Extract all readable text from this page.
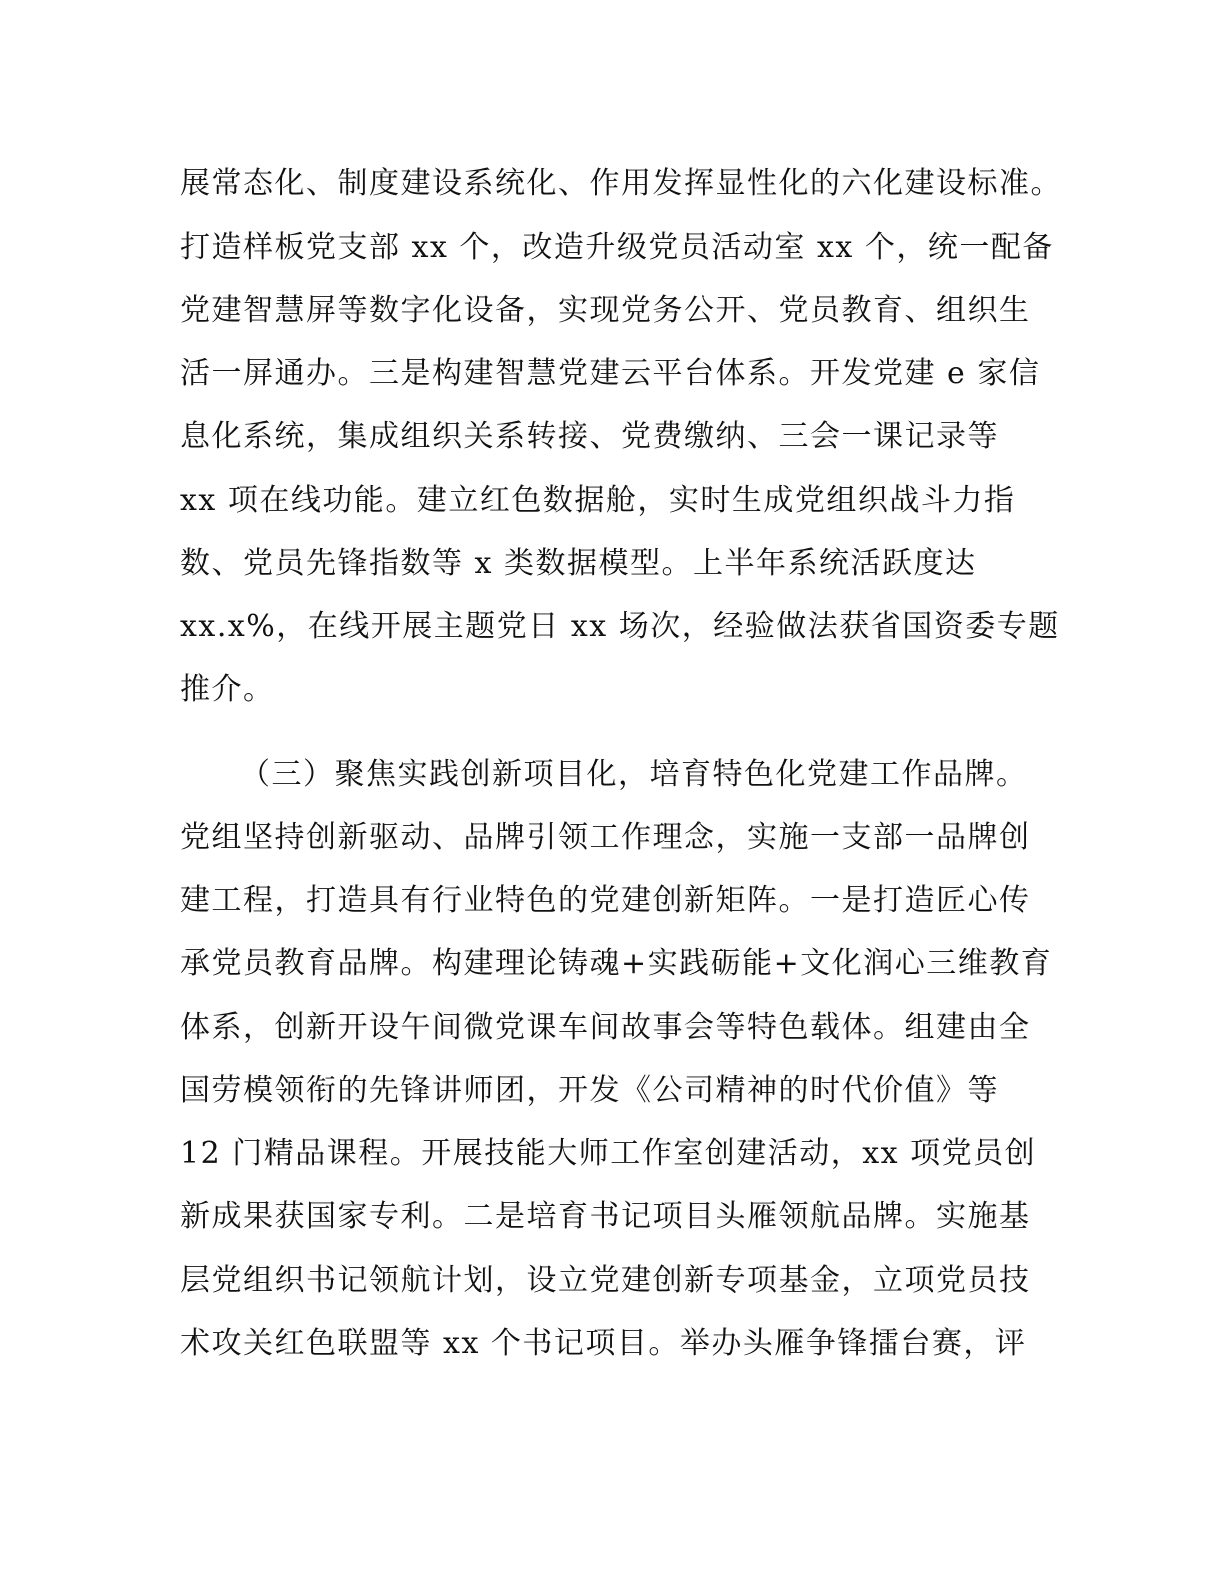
展常态化、制度建设系统化、作用发挥显性化的六化建设标准。
打造样板党支部 xx 个，改造升级党员活动室 xx 个，统一配备
党建智慧屏等数字化设备，实现党务公开、党员教育、组织生
活一屏通办。三是构建智慧党建云平台体系。开发党建 e 家信
息化系统，集成组织关系转接、党费缴纳、三会一课记录等
xx 项在线功能。建立红色数据舱，实时生成党组织战斗力指
数、党员先锋指数等 x 类数据模型。上半年系统活跃度达
xx.x%，在线开展主题党日 xx 场次，经验做法获省国资委专题
推介。
（三）聚焦实践创新项目化，培育特色化党建工作品牌。
党组坚持创新驱动、品牌引领工作理念，实施一支部一品牌创
建工程，打造具有行业特色的党建创新矩阵。一是打造匠心传
承党员教育品牌。构建理论铸魂+实践砺能+文化润心三维教育
体系，创新开设午间微党课车间故事会等特色载体。组建由全
国劳模领衔的先锋讲师团，开发《公司精神的时代价值》等
12 门精品课程。开展技能大师工作室创建活动，xx 项党员创
新成果获国家专利。二是培育书记项目头雁领航品牌。实施基
层党组织书记领航计划，设立党建创新专项基金，立项党员技
术攻关红色联盟等 xx 个书记项目。举办头雁争锋擂台赛，评
